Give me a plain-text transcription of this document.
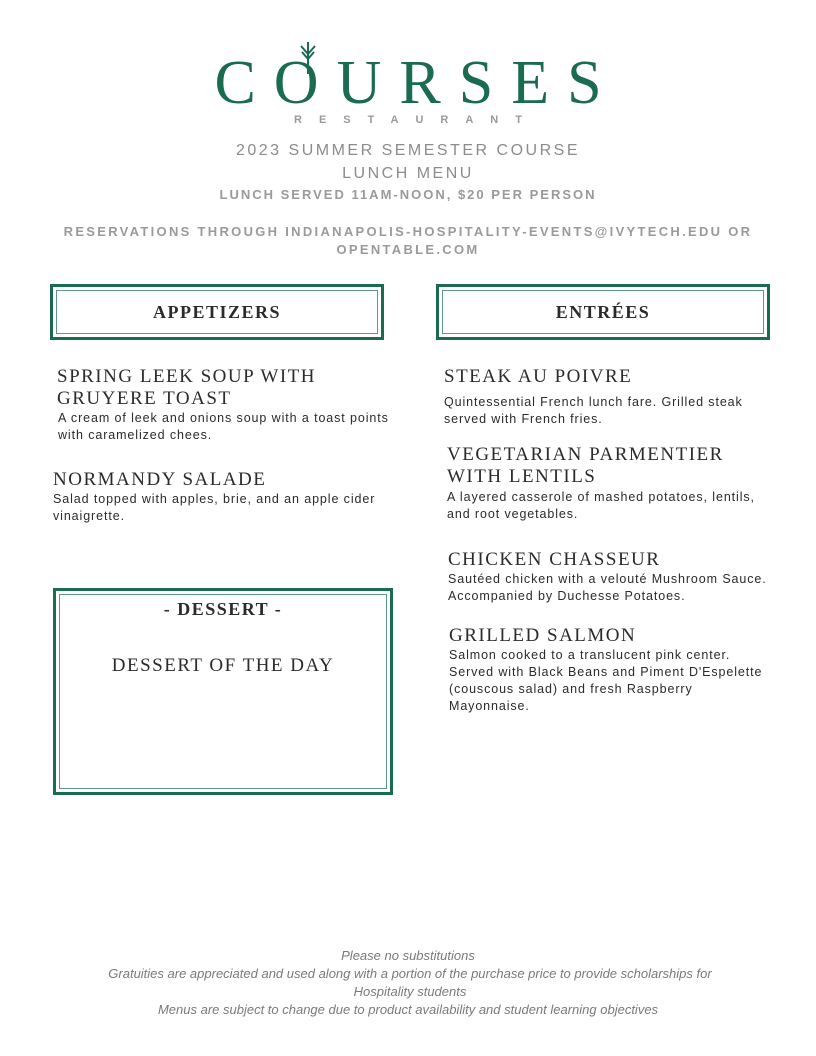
COURSES
RESTAURANT
2023 SUMMER SEMESTER COURSE
LUNCH MENU
LUNCH SERVED 11AM-NOON, $20 PER PERSON
RESERVATIONS THROUGH INDIANAPOLIS-HOSPITALITY-EVENTS@IVYTECH.EDU OR OPENTABLE.COM
APPETIZERS	ENTRÉES
SPRING LEEK SOUP WITH GRUYERE TOAST
A cream of leek and onions soup with a toast points with caramelized chees.
NORMANDY SALADE
Salad topped with apples, brie, and an apple cider vinaigrette.
- DESSERT -
DESSERT OF THE DAY
STEAK AU POIVRE
Quintessential French lunch fare. Grilled steak served with French fries.
VEGETARIAN PARMENTIER WITH LENTILS
A layered casserole of mashed potatoes, lentils, and root vegetables.
CHICKEN CHASSEUR
Sautéed chicken with a velouté Mushroom Sauce. Accompanied by Duchesse Potatoes.
GRILLED SALMON
Salmon cooked to a translucent pink center. Served with Black Beans and Piment D'Espelette (couscous salad) and fresh Raspberry Mayonnaise.
Please no substitutions
Gratuities are appreciated and used along with a portion of the purchase price to provide scholarships for Hospitality students
Menus are subject to change due to product availability and student learning objectives
